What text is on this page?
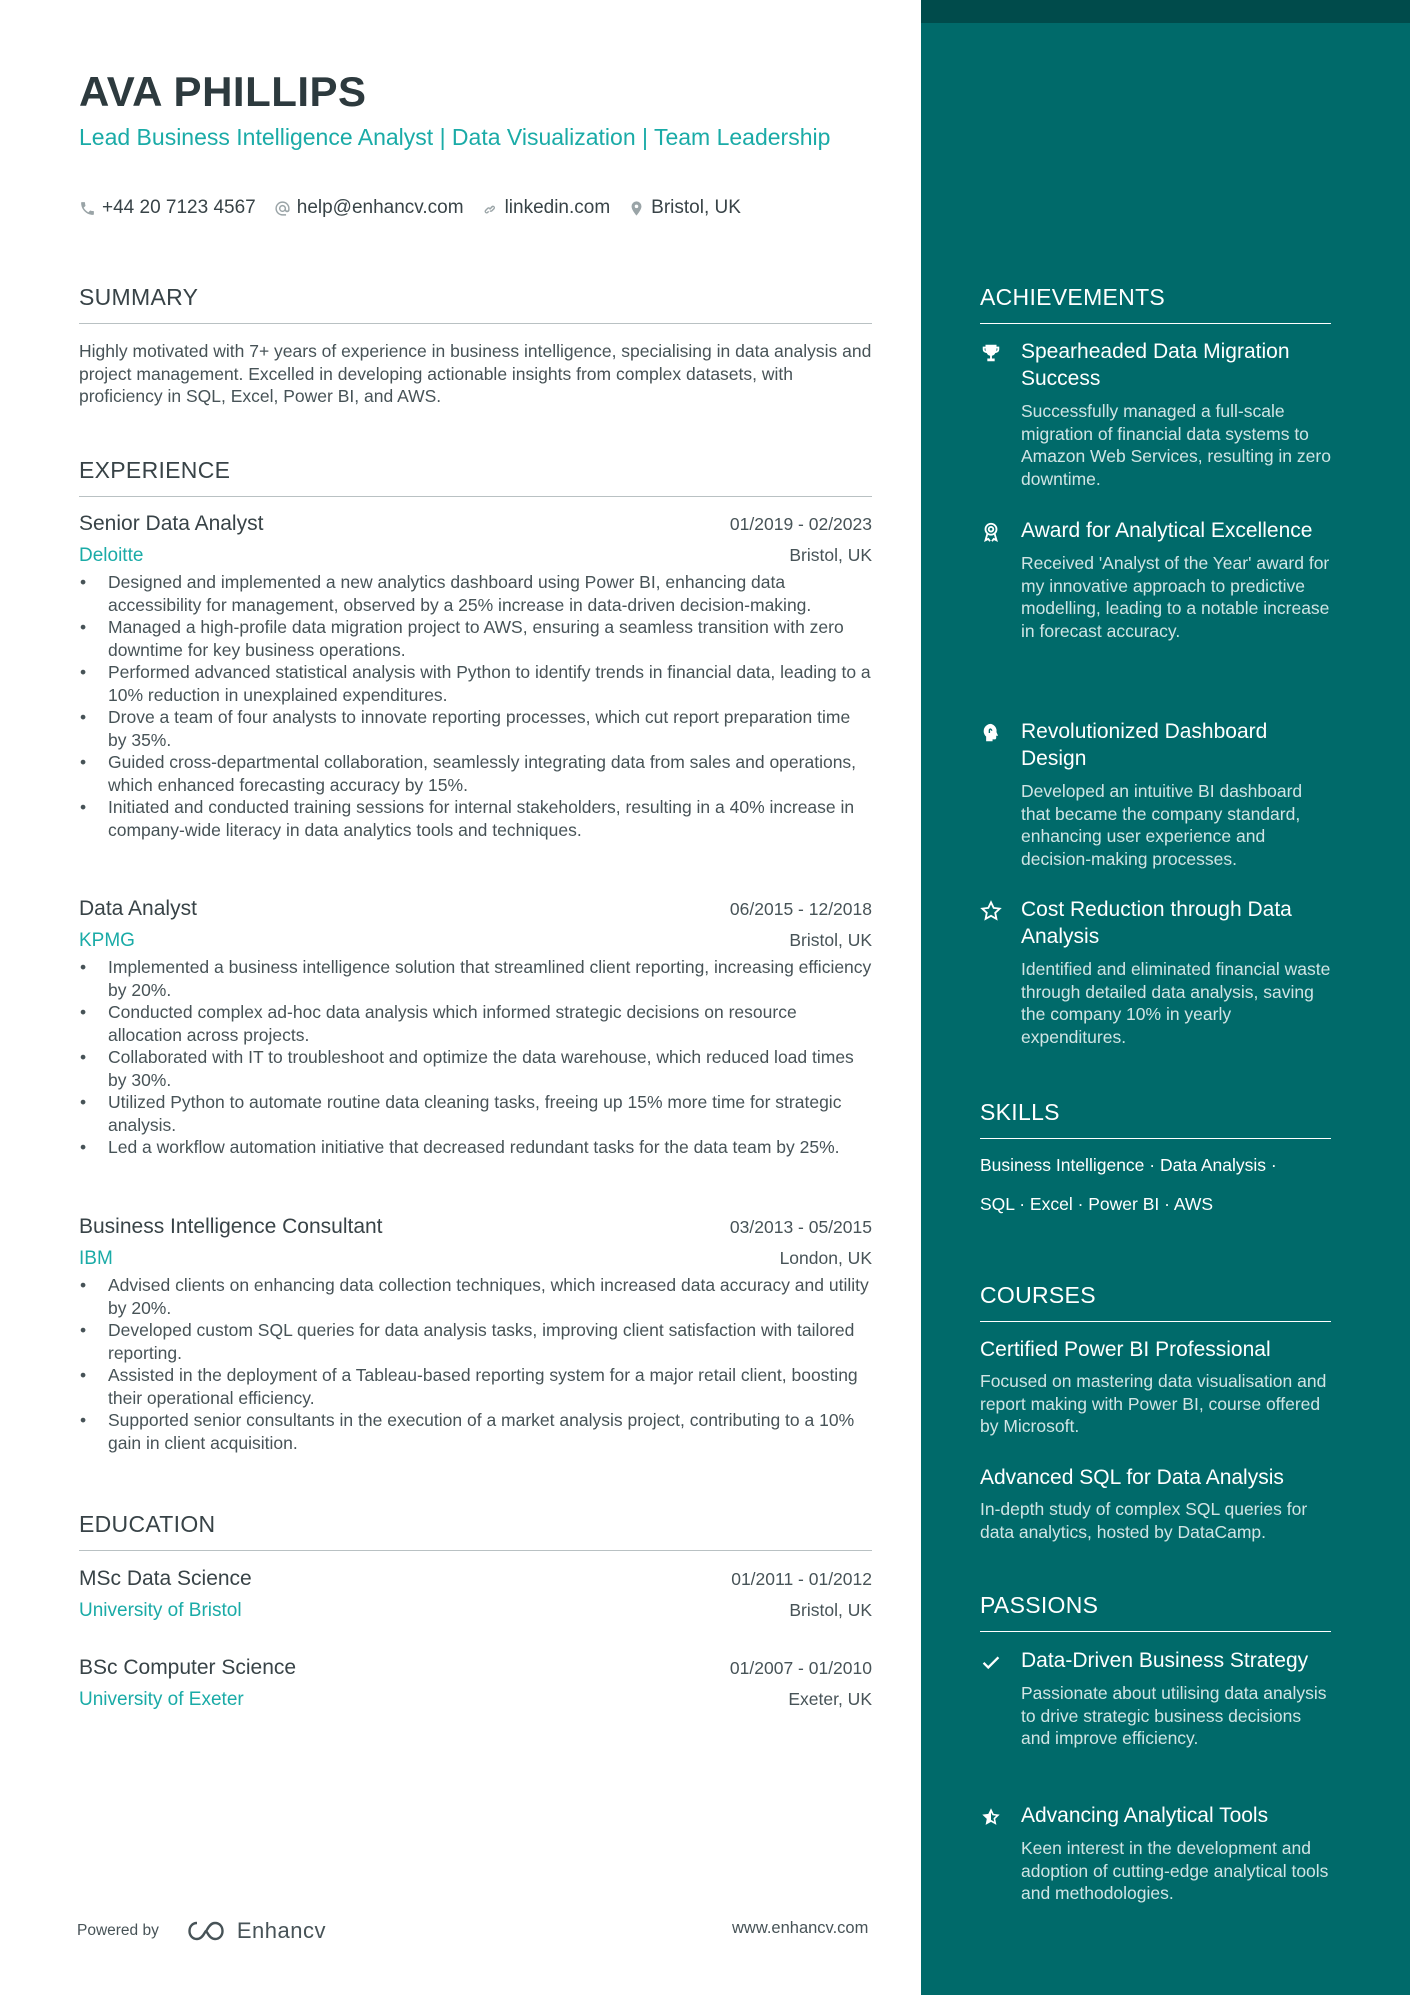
AVA PHILLIPS
Lead Business Intelligence Analyst | Data Visualization | Team Leadership
+44 20 7123 4567 help@enhancv.com linkedin.com Bristol, UK
SUMMARY
Highly motivated with 7+ years of experience in business intelligence, specialising in data analysis and project management. Excelled in developing actionable insights from complex datasets, with proficiency in SQL, Excel, Power BI, and AWS.
EXPERIENCE
Senior Data Analyst	01/2019 - 02/2023
Deloitte	Bristol, UK
• Designed and implemented a new analytics dashboard using Power BI, enhancing data accessibility for management, observed by a 25% increase in data-driven decision-making.
• Managed a high-profile data migration project to AWS, ensuring a seamless transition with zero downtime for key business operations.
• Performed advanced statistical analysis with Python to identify trends in financial data, leading to a 10% reduction in unexplained expenditures.
• Drove a team of four analysts to innovate reporting processes, which cut report preparation time by 35%.
• Guided cross-departmental collaboration, seamlessly integrating data from sales and operations, which enhanced forecasting accuracy by 15%.
• Initiated and conducted training sessions for internal stakeholders, resulting in a 40% increase in company-wide literacy in data analytics tools and techniques.
Data Analyst	06/2015 - 12/2018
KPMG	Bristol, UK
• Implemented a business intelligence solution that streamlined client reporting, increasing efficiency by 20%.
• Conducted complex ad-hoc data analysis which informed strategic decisions on resource allocation across projects.
• Collaborated with IT to troubleshoot and optimize the data warehouse, which reduced load times by 30%.
• Utilized Python to automate routine data cleaning tasks, freeing up 15% more time for strategic analysis.
• Led a workflow automation initiative that decreased redundant tasks for the data team by 25%.
Business Intelligence Consultant	03/2013 - 05/2015
IBM	London, UK
• Advised clients on enhancing data collection techniques, which increased data accuracy and utility by 20%.
• Developed custom SQL queries for data analysis tasks, improving client satisfaction with tailored reporting.
• Assisted in the deployment of a Tableau-based reporting system for a major retail client, boosting their operational efficiency.
• Supported senior consultants in the execution of a market analysis project, contributing to a 10% gain in client acquisition.
EDUCATION
MSc Data Science	01/2011 - 01/2012
University of Bristol	Bristol, UK
BSc Computer Science	01/2007 - 01/2010
University of Exeter	Exeter, UK
Powered by	Enhancv	www.enhancv.com
ACHIEVEMENTS
Spearheaded Data Migration Success
Successfully managed a full-scale migration of financial data systems to Amazon Web Services, resulting in zero downtime.
Award for Analytical Excellence
Received 'Analyst of the Year' award for my innovative approach to predictive modelling, leading to a notable increase in forecast accuracy.
Revolutionized Dashboard Design
Developed an intuitive BI dashboard that became the company standard, enhancing user experience and decision-making processes.
Cost Reduction through Data Analysis
Identified and eliminated financial waste through detailed data analysis, saving the company 10% in yearly expenditures.
SKILLS
Business Intelligence · Data Analysis ·
SQL · Excel · Power BI · AWS
COURSES
Certified Power BI Professional
Focused on mastering data visualisation and report making with Power BI, course offered by Microsoft.
Advanced SQL for Data Analysis
In-depth study of complex SQL queries for data analytics, hosted by DataCamp.
PASSIONS
Data-Driven Business Strategy
Passionate about utilising data analysis to drive strategic business decisions and improve efficiency.
Advancing Analytical Tools
Keen interest in the development and adoption of cutting-edge analytical tools and methodologies.
